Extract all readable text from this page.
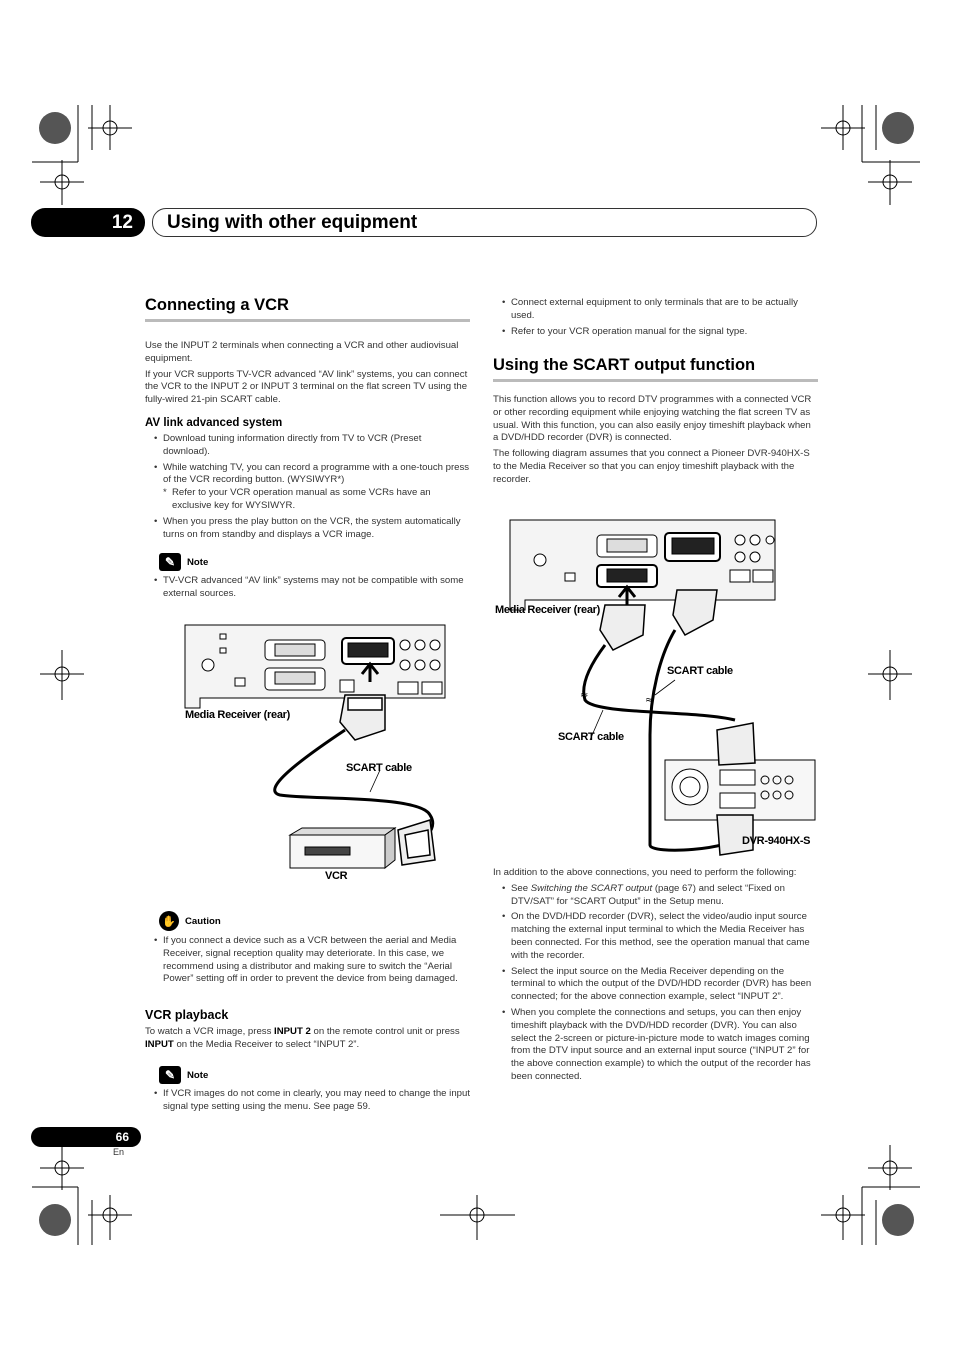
12	Using with other equipment
Connecting a VCR

Use the INPUT 2 terminals when connecting a VCR and other audiovisual equipment.

If your VCR supports TV-VCR advanced “AV link” systems, you can connect the VCR to the INPUT 2 or INPUT 3 terminal on the flat screen TV using the fully-wired 21-pin SCART cable.

AV link advanced system
• Download tuning information directly from TV to VCR (Preset download).
• While watching TV, you can record a programme with a one-touch press of the VCR recording button. (WYSIWYR*)
* Refer to your VCR operation manual as some VCRs have an exclusive key for WYSIWYR.
• When you press the play button on the VCR, the system automatically turns on from standby and displays a VCR image.
✎	Note
• TV-VCR advanced “AV link” systems may not be compatible with some external sources.
Media Receiver (rear)
SCART cable
VCR
✋ Caution
• If you connect a device such as a VCR between the aerial and Media Receiver, signal reception quality may deteriorate. In this case, we recommend using a distributor and making sure to switch the “Aerial Power” setting off in order to prevent the device from being damaged.
VCR playback

To watch a VCR image, press INPUT 2 on the remote control unit or press INPUT on the Media Receiver to select “INPUT 2”.

✎	Note
• If VCR images do not come in clearly, you may need to change the input signal type setting using the menu. See page 59.
• Connect external equipment to only terminals that are to be actually used.
• Refer to your VCR operation manual for the signal type.
Using the SCART output function

This function allows you to record DTV programmes with a connected VCR or other recording equipment while enjoying watching the flat screen TV as usual. With this function, you can also easily enjoy timeshift playback when a DVD/HDD recorder (DVR) is connected.

The following diagram assumes that you connect a Pioneer DVR-940HX-S to the Media Receiver so that you can enjoy timeshift playback with the recorder.

≈	≈
Media Receiver (rear)
SCART cable
SCART cable
DVR-940HX-S

In addition to the above connections, you need to perform the following:

• See Switching the SCART output (page 67) and select “Fixed on DTV/SAT” for “SCART Output” in the Setup menu.
• On the DVD/HDD recorder (DVR), select the video/audio input source matching the external input terminal to which the Media Receiver has been connected. For this method, see the operation manual that came with the recorder.
• Select the input source on the Media Receiver depending on the terminal to which the output of the DVD/HDD recorder (DVR) has been connected; for the above connection example, select “INPUT 2”.
• When you complete the connections and setups, you can then enjoy timeshift playback with the DVD/HDD recorder (DVR). You can also select the 2-screen or picture-in-picture mode to watch images coming from the DTV input source and an external input source (“INPUT 2” for the above connection example) to which the output of the recorder has been connected.
66
En
